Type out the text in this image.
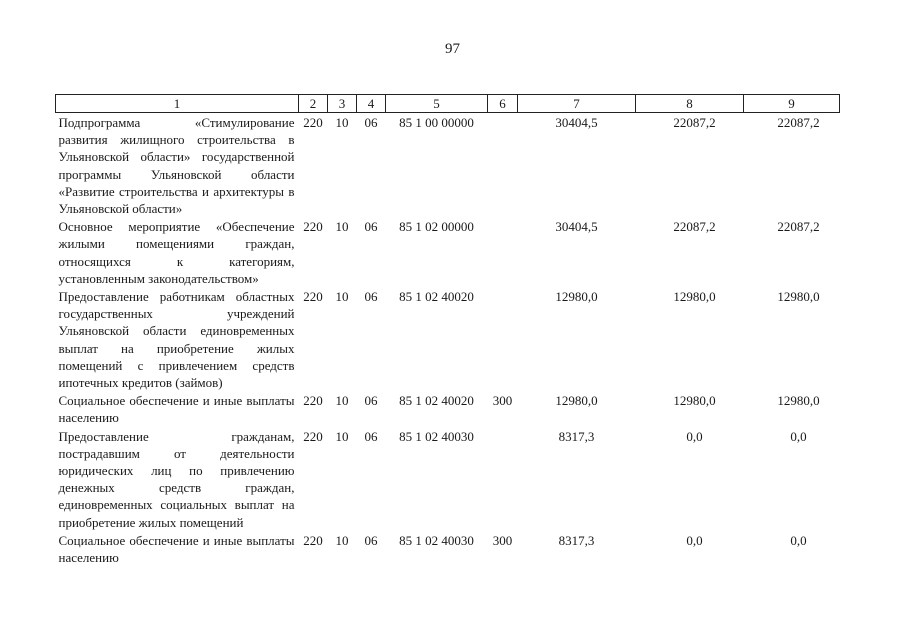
97
1	2	3	4	5	6	7	8	9
Подпрограмма «Стимулирование развития жилищного строительства в Ульяновской области» государственной программы Ульяновской области «Развитие строительства и архитектуры в Ульяновской области»	220	10	06	85 1 00 00000		30404,5	22087,2	22087,2
Основное мероприятие «Обеспечение жилыми помещениями граждан, относящихся к категориям, установленным законодательством»	220	10	06	85 1 02 00000		30404,5	22087,2	22087,2
Предоставление работникам областных государственных учреждений Ульяновской области единовременных выплат на приобретение жилых помещений с привлечением средств ипотечных кредитов (займов)	220	10	06	85 1 02 40020		12980,0	12980,0	12980,0
Социальное обеспечение и иные выплаты населению	220	10	06	85 1 02 40020	300	12980,0	12980,0	12980,0
Предоставление гражданам, пострадавшим от деятельности юридических лиц по привлечению денежных средств граждан, единовременных социальных выплат на приобретение жилых помещений	220	10	06	85 1 02 40030		8317,3	0,0	0,0
Социальное обеспечение и иные выплаты населению	220	10	06	85 1 02 40030	300	8317,3	0,0	0,0
